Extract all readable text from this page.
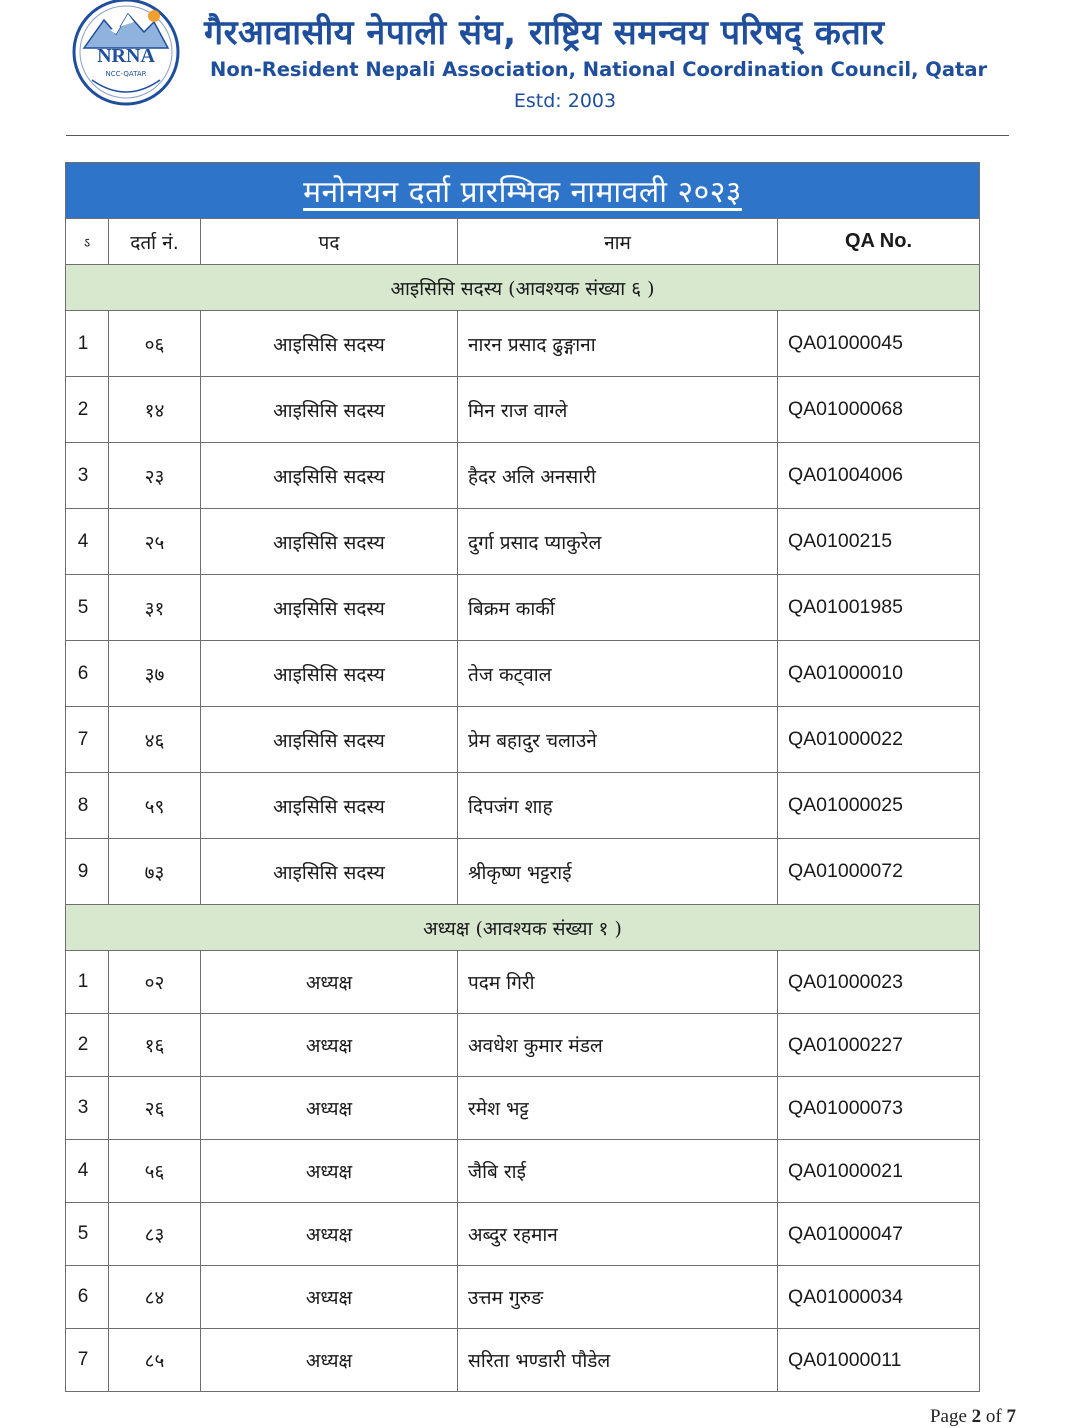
NRNA
NCC-QATAR
गैरआवासीय नेपाली संघ, राष्ट्रिय समन्वय परिषद् कतार
Non-Resident Nepali Association, National Coordination Council, Qatar
Estd: 2003
मनोनयन दर्ता प्रारम्भिक नामावली २०२३				
ऽ	दर्ता नं.	पद	नाम	QA No.
आइसिसि सदस्य (आवश्यक संख्या ६ )				
1	०६	आइसिसि सदस्य	नारन प्रसाद ढुङ्गाना	QA01000045
2	१४	आइसिसि सदस्य	मिन राज वाग्ले	QA01000068
3	२३	आइसिसि सदस्य	हैदर अलि अनसारी	QA01004006
4	२५	आइसिसि सदस्य	दुर्गा प्रसाद प्याकुरेल	QA0100215
5	३१	आइसिसि सदस्य	बिक्रम कार्की	QA01001985
6	३७	आइसिसि सदस्य	तेज कट्वाल	QA01000010
7	४६	आइसिसि सदस्य	प्रेम बहादुर चलाउने	QA01000022
8	५९	आइसिसि सदस्य	दिपजंग शाह	QA01000025
9	७३	आइसिसि सदस्य	श्रीकृष्ण भट्टराई	QA01000072
अध्यक्ष (आवश्यक संख्या १ )				
1	०२	अध्यक्ष	पदम गिरी	QA01000023
2	१६	अध्यक्ष	अवधेश कुमार मंडल	QA01000227
3	२६	अध्यक्ष	रमेश भट्ट	QA01000073
4	५६	अध्यक्ष	जैबि राई	QA01000021
5	८३	अध्यक्ष	अब्दुर रहमान	QA01000047
6	८४	अध्यक्ष	उत्तम गुरुङ	QA01000034
7	८५	अध्यक्ष	सरिता भण्डारी पौडेल	QA01000011
Page 2 of 7
